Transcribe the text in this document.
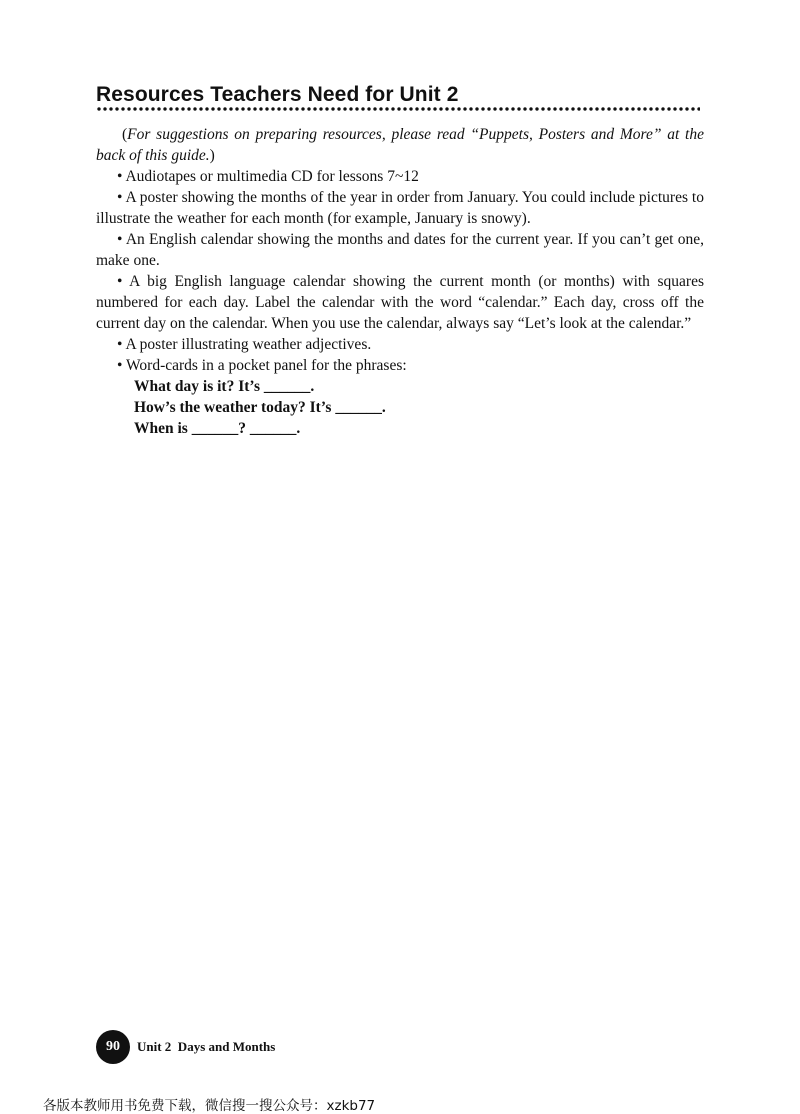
Resources Teachers Need for Unit 2

(For suggestions on preparing resources, please read “Puppets, Posters and More” at the back of this guide.)

• Audiotapes or multimedia CD for lessons 7~12

• A poster showing the months of the year in order from January. You could include pictures to illustrate the weather for each month (for example, January is snowy).

• An English calendar showing the months and dates for the current year. If you can’t get one, make one.

• A big English language calendar showing the current month (or months) with squares numbered for each day. Label the calendar with the word “calendar.” Each day, cross off the current day on the calendar. When you use the calendar, always say “Let’s look at the calendar.”

• A poster illustrating weather adjectives.

• Word-cards in a pocket panel for the phrases:

What day is it? It’s ______.

How’s the weather today? It’s ______.

When is ______? ______.

90	Unit 2  Days and Months
各版本教师用书免费下载，微信搜一搜公众号：xzkb77
